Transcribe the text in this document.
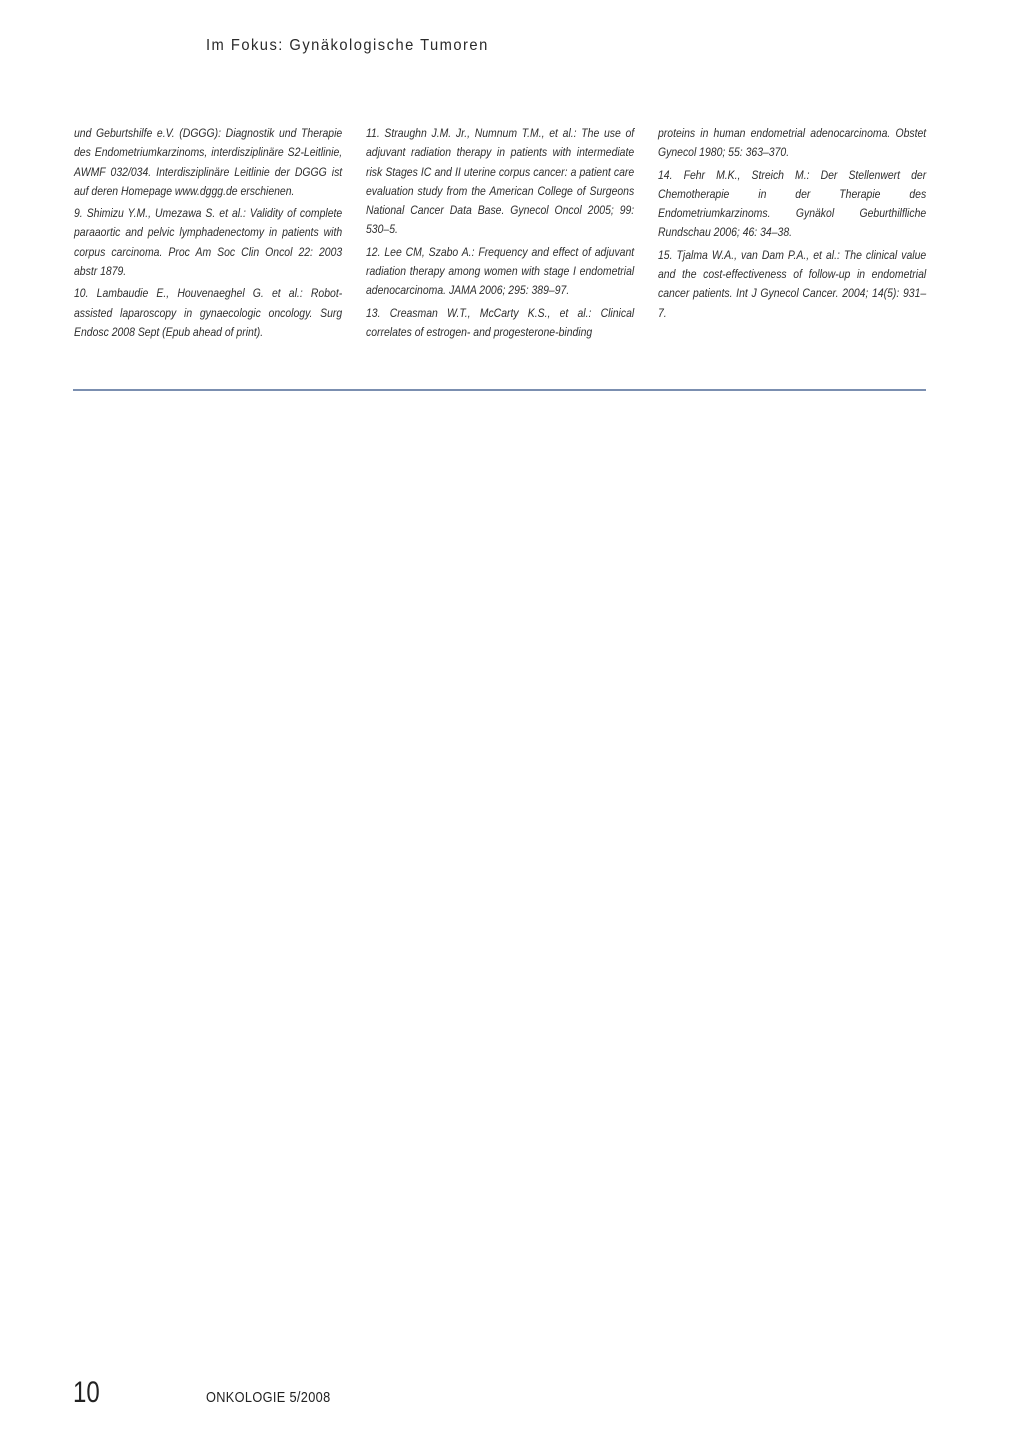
Im Fokus: Gynäkologische Tumoren

und Geburtshilfe e.V. (DGGG): Diagnostik und Therapie des Endometriumkarzinoms, interdisziplinäre S2-Leitlinie, AWMF 032/034. Interdisziplinäre Leitlinie der DGGG ist auf deren Homepage www.dggg.de erschienen.

9. Shimizu Y.M., Umezawa S. et al.: Validity of complete paraaortic and pelvic lymphadenectomy in patients with corpus carcinoma. Proc Am Soc Clin Oncol 22: 2003 abstr 1879.

10. Lambaudie E., Houvenaeghel G. et al.: Robot-assisted laparoscopy in gynaecologic oncology. Surg Endosc 2008 Sept (Epub ahead of print).

11. Straughn J.M. Jr., Numnum T.M., et al.: The use of adjuvant radiation therapy in patients with intermediate risk Stages IC and II uterine corpus cancer: a patient care evaluation study from the American College of Surgeons National Cancer Data Base. Gynecol Oncol 2005; 99: 530–5.

12. Lee CM, Szabo A.: Frequency and effect of adjuvant radiation therapy among women with stage I endometrial adenocarcinoma. JAMA 2006; 295: 389–97.

13. Creasman W.T., McCarty K.S., et al.: Clinical correlates of estrogen- and progesterone-binding

proteins in human endometrial adenocarcinoma. Obstet Gynecol 1980; 55: 363–370.

14. Fehr M.K., Streich M.: Der Stellenwert der Chemotherapie in der Therapie des Endometriumkarzinoms. Gynäkol Geburthilfliche Rundschau 2006; 46: 34–38.

15. Tjalma W.A., van Dam P.A., et al.: The clinical value and the cost-effectiveness of follow-up in endometrial cancer patients. Int J Gynecol Cancer. 2004; 14(5): 931–7.

10	ONKOLOGIE 5/2008
